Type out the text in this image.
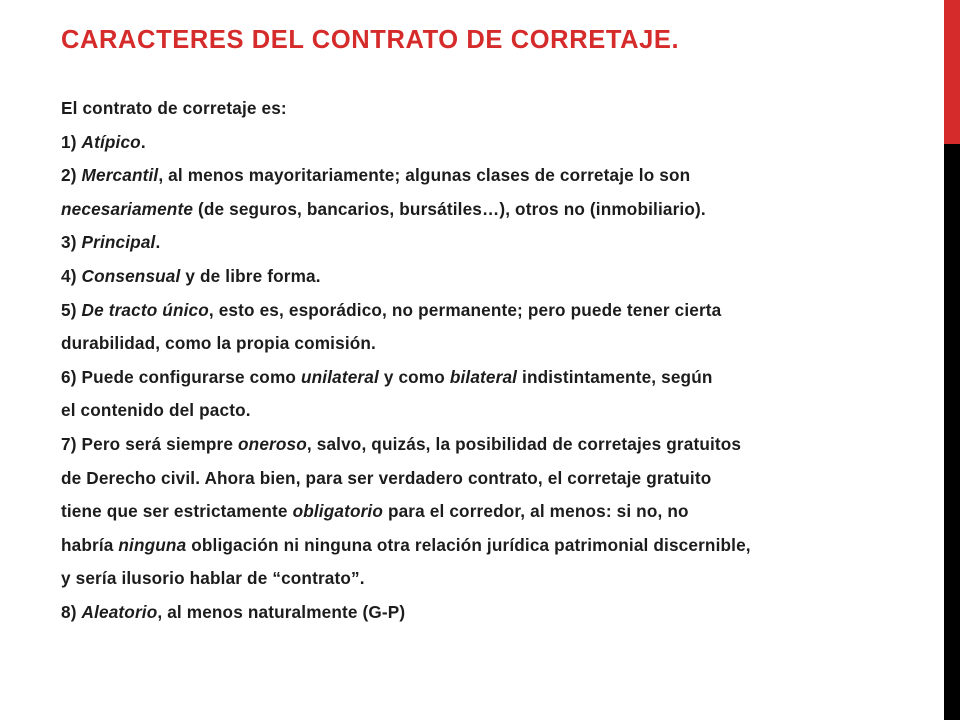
CARACTERES DEL CONTRATO DE CORRETAJE.
El contrato de corretaje es:
1) Atípico.
2) Mercantil, al menos mayoritariamente; algunas clases de corretaje lo son
necesariamente (de seguros, bancarios, bursátiles…), otros no (inmobiliario).
3) Principal.
4) Consensual y de libre forma.
5) De tracto único, esto es, esporádico, no permanente; pero puede tener cierta
durabilidad, como la propia comisión.
6) Puede configurarse como unilateral y como bilateral indistintamente, según
el contenido del pacto.
7) Pero será siempre oneroso, salvo, quizás, la posibilidad de corretajes gratuitos
de Derecho civil. Ahora bien, para ser verdadero contrato, el corretaje gratuito
tiene que ser estrictamente obligatorio para el corredor, al menos: si no, no
habría ninguna obligación ni ninguna otra relación jurídica patrimonial discernible,
y sería ilusorio hablar de “contrato”.
8) Aleatorio, al menos naturalmente (G-P)
